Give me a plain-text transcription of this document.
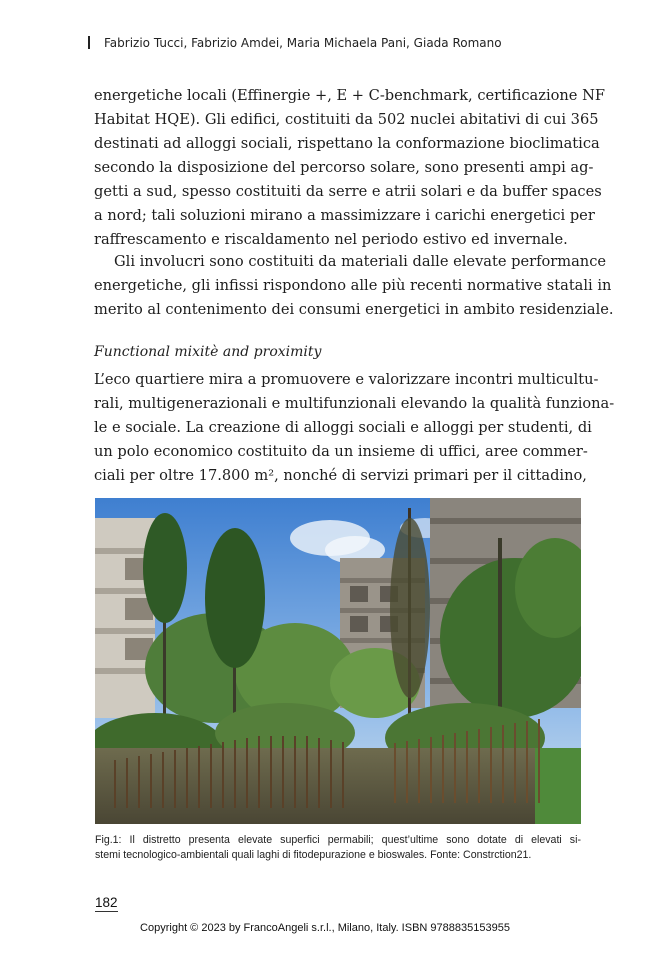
Fabrizio Tucci, Fabrizio Amdei, Maria Michaela Pani, Giada Romano
energetiche locali (Effinergie +, E + C-benchmark, certificazione NF
Habitat HQE). Gli edifici, costituiti da 502 nuclei abitativi di cui 365
destinati ad alloggi sociali, rispettano la conformazione bioclimatica
secondo la disposizione del percorso solare, sono presenti ampi ag-
getti a sud, spesso costituiti da serre e atrii solari e da buffer spaces
a nord; tali soluzioni mirano a massimizzare i carichi energetici per
raffrescamento e riscaldamento nel periodo estivo ed invernale.
Gli involucri sono costituiti da materiali dalle elevate performance
energetiche, gli infissi rispondono alle più recenti normative statali in
merito al contenimento dei consumi energetici in ambito residenziale.
Functional mixitè and proximity
L’eco quartiere mira a promuovere e valorizzare incontri multicultu-
rali, multigenerazionali e multifunzionali elevando la qualità funziona-
le e sociale. La creazione di alloggi sociali e alloggi per studenti, di
un polo economico costituito da un insieme di uffici, aree commer-
ciali per oltre 17.800 m², nonché di servizi primari per il cittadino,
Fig.1: Il distretto presenta elevate superfici permabili; quest’ultime sono dotate di elevati si-
stemi tecnologico-ambientali quali laghi di fitodepurazione e bioswales. Fonte: Constrction21.
182
Copyright © 2023 by FrancoAngeli s.r.l., Milano, Italy. ISBN 9788835153955
